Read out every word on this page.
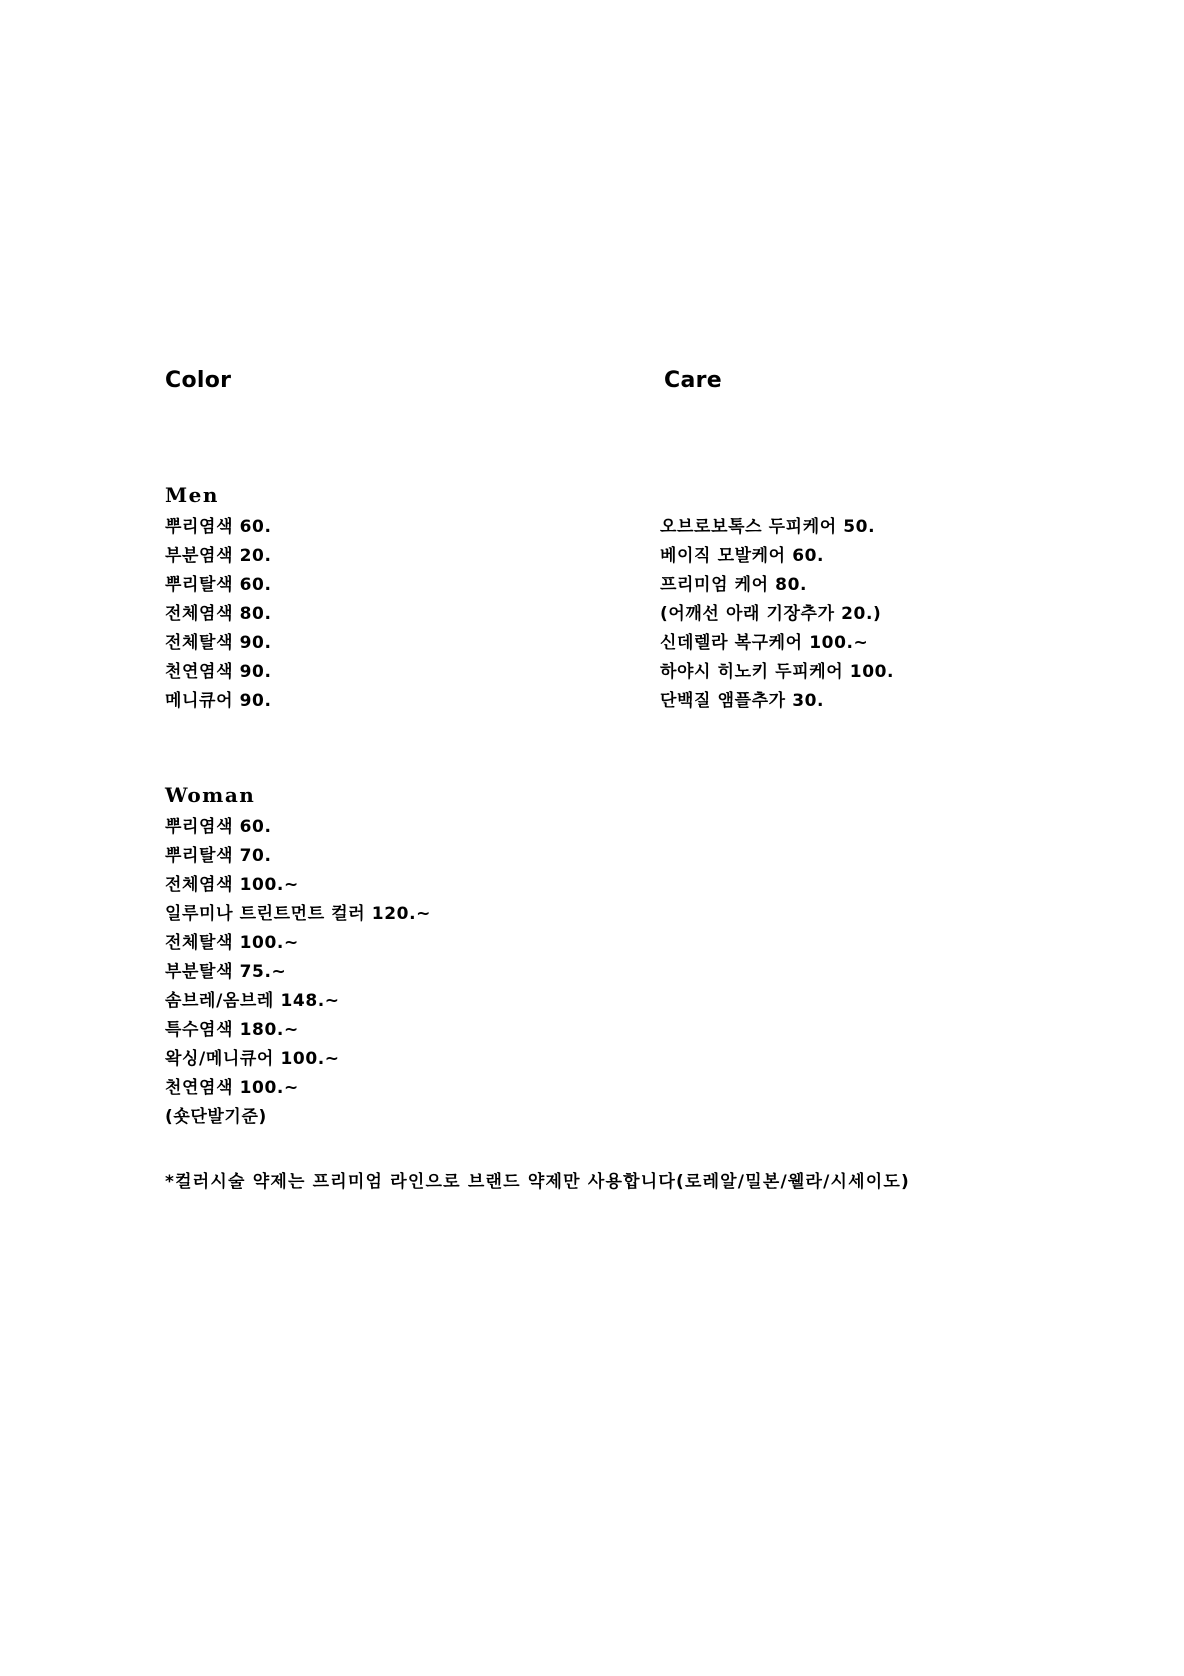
Color	Care
Men
뿌리염색 60.
부분염색 20.
뿌리탈색 60.
전체염색 80.
전체탈색 90.
천연염색 90.
메니큐어 90.
오브로보톡스 두피케어 50.
베이직 모발케어 60.
프리미엄 케어 80.
(어깨선 아래 기장추가 20.)
신데렐라 복구케어 100.~
하야시 히노키 두피케어 100.
단백질 앰플추가 30.
Woman
뿌리염색 60.
뿌리탈색 70.
전체염색 100.~
일루미나 트린트먼트 컬러 120.~
전체탈색 100.~
부분탈색 75.~
솜브레/옴브레 148.~
특수염색 180.~
왁싱/메니큐어 100.~
천연염색 100.~
(숏단발기준)
*컬러시술 약제는 프리미엄 라인으로 브랜드 약제만 사용합니다(로레알/밀본/웰라/시세이도)
